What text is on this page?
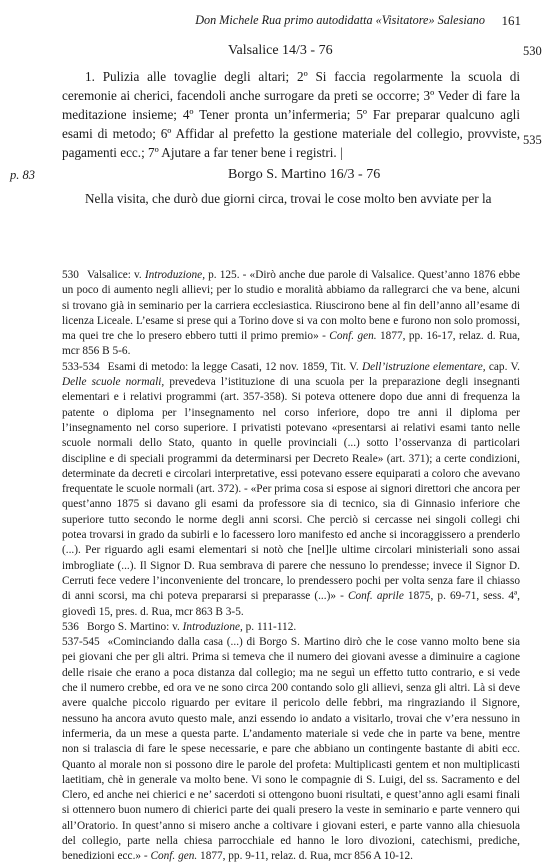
Don Michele Rua primo autodidatta «Visitatore» Salesiano 161
530
535
p. 83
Valsalice 14/3 - 76

1. Pulizia alle tovaglie degli altari; 2º Si faccia regolarmente la scuola di ceremonie ai cherici, facendoli anche surrogare da preti se occorre; 3º Veder di fare la meditazione insieme; 4º Tener pronta un’infermeria; 5º Far preparar qualcuno agli esami di metodo; 6º Affidar al prefetto la gestione materiale del collegio, provviste, pagamenti ecc.; 7º Ajutare a far tener bene i registri. |

Borgo S. Martino 16/3 - 76

Nella visita, che durò due giorni circa, trovai le cose molto ben avviate per la

530 Valsalice: v. Introduzione, p. 125. - «Dirò anche due parole di Valsalice. Quest’anno 1876 ebbe un poco di aumento negli allievi; per lo studio e moralità abbiamo da rallegrarci che va bene, alcuni si trovano già in seminario per la carriera ecclesiastica. Riuscirono bene al fin dell’anno all’esame di licenza Liceale. L’esame si prese qui a Torino dove si va con molto bene e furono non solo promossi, ma quei tre che lo presero ebbero tutti il primo premio» - Conf. gen. 1877, pp. 16-17, relaz. d. Rua, mcr 856 B 5-6.

533-534 Esami di metodo: la legge Casati, 12 nov. 1859, Tit. V. Dell’istruzione elementare, cap. V. Delle scuole normali, prevedeva l’istituzione di una scuola per la preparazione degli insegnanti elementari e i relativi programmi (art. 357-358). Si poteva ottenere dopo due anni di frequenza la patente o diploma per l’insegnamento nel corso inferiore, dopo tre anni il diploma per l’insegnamento nel corso superiore. I privatisti potevano «presentarsi ai relativi esami tanto nelle scuole normali dello Stato, quanto in quelle provinciali (...) sotto l’osservanza di particolari discipline e di speciali programmi da determinarsi per Decreto Reale» (art. 371); a certe condizioni, determinate da decreti e circolari interpretative, essi potevano essere equiparati a coloro che avevano frequentate le scuole normali (art. 372). - «Per prima cosa si espose ai signori direttori che ancora per quest’anno 1875 si davano gli esami da professore sia di tecnico, sia di Ginnasio inferiore che superiore tutto secondo le norme degli anni scorsi. Che perciò si cercasse nei singoli collegi chi potea trovarsi in grado da subirli e lo facessero loro manifesto ed anche si incoraggissero a prenderlo (...). Per riguardo agli esami elementari si notò che [nel]le ultime circolari ministeriali sono assai imbrogliate (...). Il Signor D. Rua sembrava di parere che nessuno lo prendesse; invece il Signor D. Cerruti fece vedere l’inconveniente del troncare, lo prendessero pochi per volta senza fare il chiasso di anni scorsi, ma chi poteva prepararsi si preparasse (...)» - Conf. aprile 1875, p. 69-71, sess. 4ª, giovedì 15, pres. d. Rua, mcr 863 B 3-5.

536 Borgo S. Martino: v. Introduzione, p. 111-112.

537-545 «Cominciando dalla casa (...) di Borgo S. Martino dirò che le cose vanno molto bene sia pei giovani che per gli altri. Prima si temeva che il numero dei giovani avesse a diminuire a cagione delle risaie che erano a poca distanza dal collegio; ma ne seguì un effetto tutto contrario, e si vede che il numero crebbe, ed ora ve ne sono circa 200 contando solo gli allievi, senza gli altri. Là si deve avere qualche piccolo riguardo per evitare il pericolo delle febbri, ma ringraziando il Signore, nessuno ha ancora avuto questo male, anzi essendo io andato a visitarlo, trovai che v’era nessuno in infermeria, da un mese a questa parte. L’andamento materiale si vede che in parte va bene, mentre non si tralascia di fare le spese necessarie, e pare che abbiano un contingente bastante di abiti ecc. Quanto al morale non si possono dire le parole del profeta: Multiplicasti gentem et non multiplicasti laetitiam, chè in generale va molto bene. Vi sono le compagnie di S. Luigi, del ss. Sacramento e del Clero, ed anche nei chierici e ne’ sacerdoti si ottengono buoni risultati, e quest’anno agli esami finali si ottennero buon numero di chierici parte dei quali presero la veste in seminario e parte vennero qui all’Oratorio. In quest’anno si misero anche a coltivare i giovani esteri, e parte vanno alla chiesuola del collegio, parte nella chiesa parrocchiale ed hanno le loro divozioni, catechismi, prediche, benedizioni ecc.» - Conf. gen. 1877, pp. 9-11, relaz. d. Rua, mcr 856 A 10-12.
